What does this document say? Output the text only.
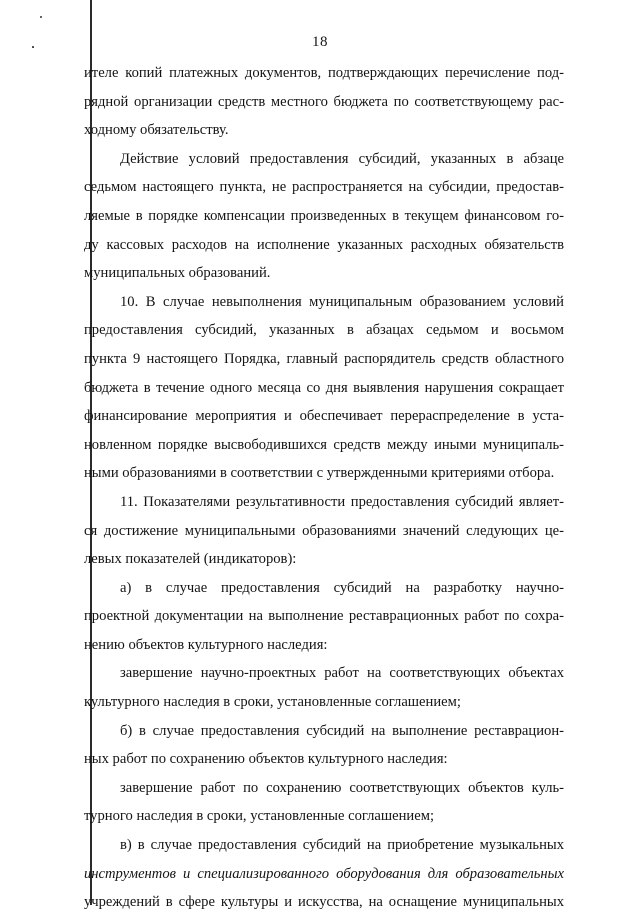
18
ителе копий платежных документов, подтверждающих перечисление под-
рядной организации средств местного бюджета по соответствующему рас-
ходному обязательству.
Действие условий предоставления субсидий, указанных в абзаце
седьмом настоящего пункта, не распространяется на субсидии, предостав-
ляемые в порядке компенсации произведенных в текущем финансовом го-
ду кассовых расходов на исполнение указанных расходных обязательств
муниципальных образований.
10. В случае невыполнения муниципальным образованием условий
предоставления субсидий, указанных в абзацах седьмом и восьмом
пункта 9 настоящего Порядка, главный распорядитель средств областного
бюджета в течение одного месяца со дня выявления нарушения сокращает
финансирование мероприятия и обеспечивает перераспределение в уста-
новленном порядке высвободившихся средств между иными муниципаль-
ными образованиями в соответствии с утвержденными критериями отбора.
11. Показателями результативности предоставления субсидий являет-
ся достижение муниципальными образованиями значений следующих це-
левых показателей (индикаторов):
а) в случае предоставления субсидий на разработку научно-
проектной документации на выполнение реставрационных работ по сохра-
нению объектов культурного наследия:
завершение научно-проектных работ на соответствующих объектах
культурного наследия в сроки, установленные соглашением;
б) в случае предоставления субсидий на выполнение реставрацион-
ных работ по сохранению объектов культурного наследия:
завершение работ по сохранению соответствующих объектов куль-
турного наследия в сроки, установленные соглашением;
в) в случае предоставления субсидий на приобретение музыкальных
инструментов и специализированного оборудования для образовательных
учреждений в сфере культуры и искусства, на оснащение муниципальных
